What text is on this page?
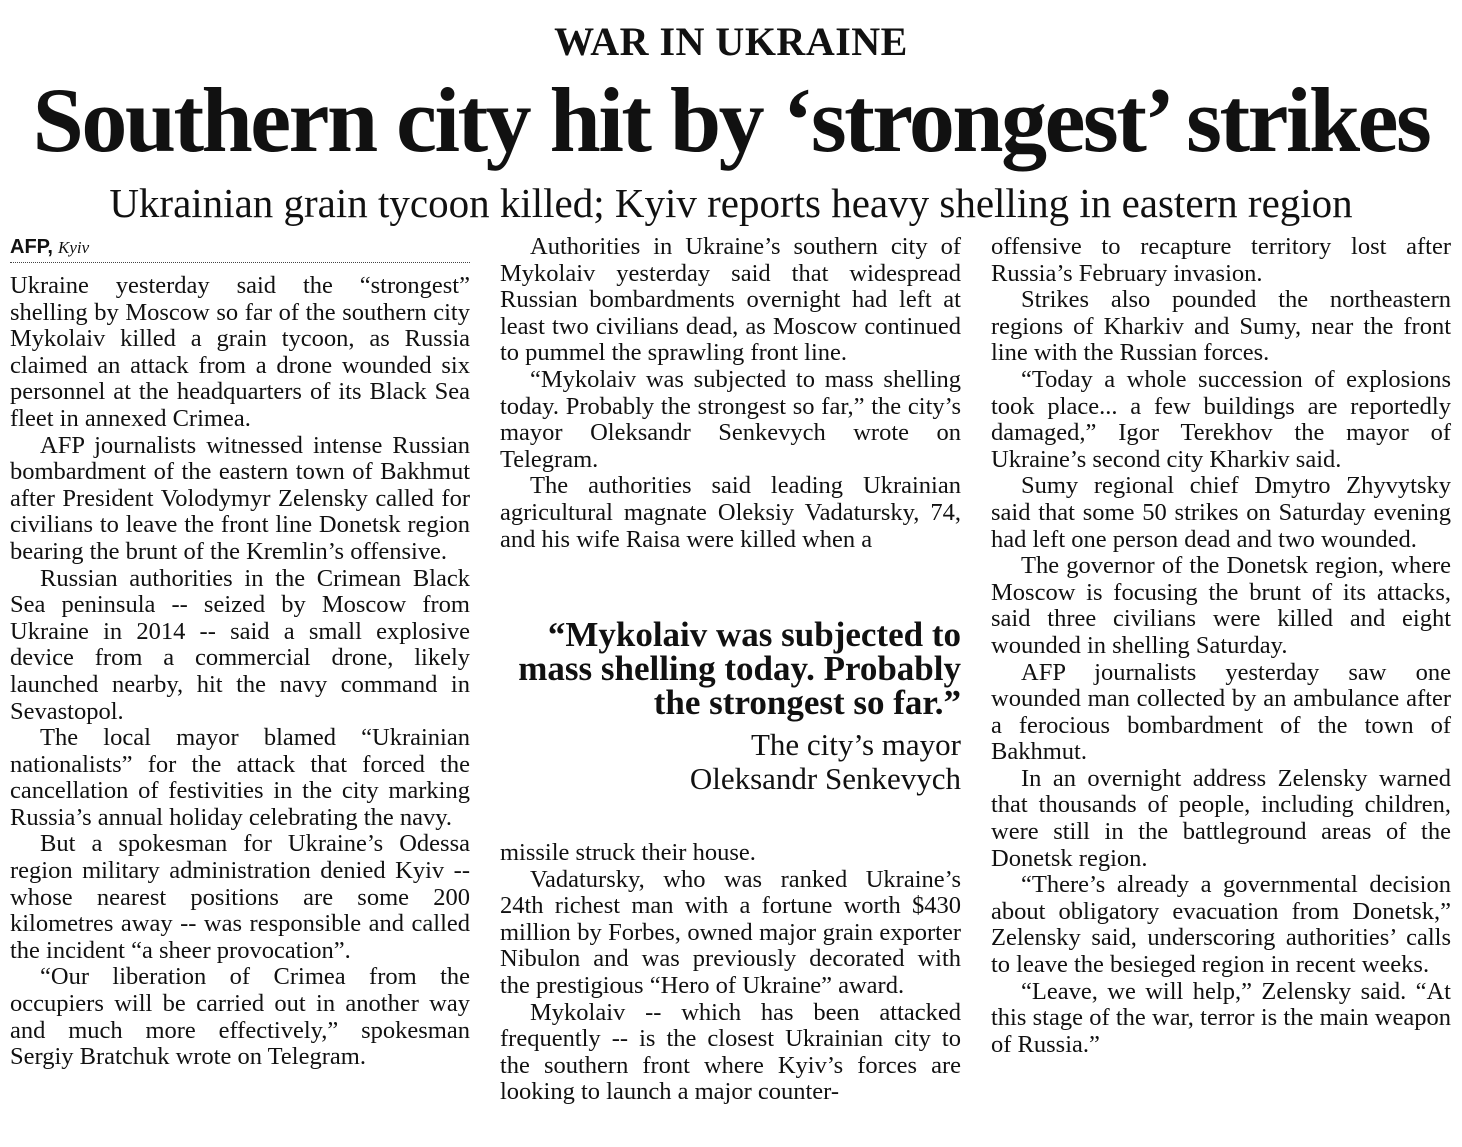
WAR IN UKRAINE
Southern city hit by ‘strongest’ strikes
Ukrainian grain tycoon killed; Kyiv reports heavy shelling in eastern region
AFP, Kyiv

Ukraine yesterday said the “strongest” shelling by Moscow so far of the southern city Mykolaiv killed a grain tycoon, as Russia claimed an attack from a drone wounded six personnel at the headquarters of its Black Sea fleet in annexed Crimea.

AFP journalists witnessed intense Russian bombardment of the eastern town of Bakhmut after President Volodymyr Zelensky called for civilians to leave the front line Donetsk region bearing the brunt of the Kremlin’s offensive.

Russian authorities in the Crimean Black Sea peninsula -- seized by Moscow from Ukraine in 2014 -- said a small explosive device from a commercial drone, likely launched nearby, hit the navy command in Sevastopol.

The local mayor blamed “Ukrainian nationalists” for the attack that forced the cancellation of festivities in the city marking Russia’s annual holiday celebrating the navy.

But a spokesman for Ukraine’s Odessa region military administration denied Kyiv -- whose nearest positions are some 200 kilometres away -- was responsible and called the incident “a sheer provocation”.

“Our liberation of Crimea from the occupiers will be carried out in another way and much more effectively,” spokesman Sergiy Bratchuk wrote on Telegram.

Authorities in Ukraine’s southern city of Mykolaiv yesterday said that widespread Russian bombardments overnight had left at least two civilians dead, as Moscow continued to pummel the sprawling front line.

“Mykolaiv was subjected to mass shelling today. Probably the strongest so far,” the city’s mayor Oleksandr Senkevych wrote on Telegram.

The authorities said leading Ukrainian agricultural magnate Oleksiy Vadatursky, 74, and his wife Raisa were killed when a

“Mykolaiv was subjected to mass shelling today. Probably the strongest so far.”

The city’s mayor
Oleksandr Senkevych

missile struck their house.

Vadatursky, who was ranked Ukraine’s 24th richest man with a fortune worth $430 million by Forbes, owned major grain exporter Nibulon and was previously decorated with the prestigious “Hero of Ukraine” award.

Mykolaiv -- which has been attacked frequently -- is the closest Ukrainian city to the southern front where Kyiv’s forces are looking to launch a major counter-

offensive to recapture territory lost after Russia’s February invasion.

Strikes also pounded the northeastern regions of Kharkiv and Sumy, near the front line with the Russian forces.

“Today a whole succession of explosions took place... a few buildings are reportedly damaged,” Igor Terekhov the mayor of Ukraine’s second city Kharkiv said.

Sumy regional chief Dmytro Zhyvytsky said that some 50 strikes on Saturday evening had left one person dead and two wounded.

The governor of the Donetsk region, where Moscow is focusing the brunt of its attacks, said three civilians were killed and eight wounded in shelling Saturday.

AFP journalists yesterday saw one wounded man collected by an ambulance after a ferocious bombardment of the town of Bakhmut.

In an overnight address Zelensky warned that thousands of people, including children, were still in the battleground areas of the Donetsk region.

“There’s already a governmental decision about obligatory evacuation from Donetsk,” Zelensky said, underscoring authorities’ calls to leave the besieged region in recent weeks.

“Leave, we will help,” Zelensky said. “At this stage of the war, terror is the main weapon of Russia.”
